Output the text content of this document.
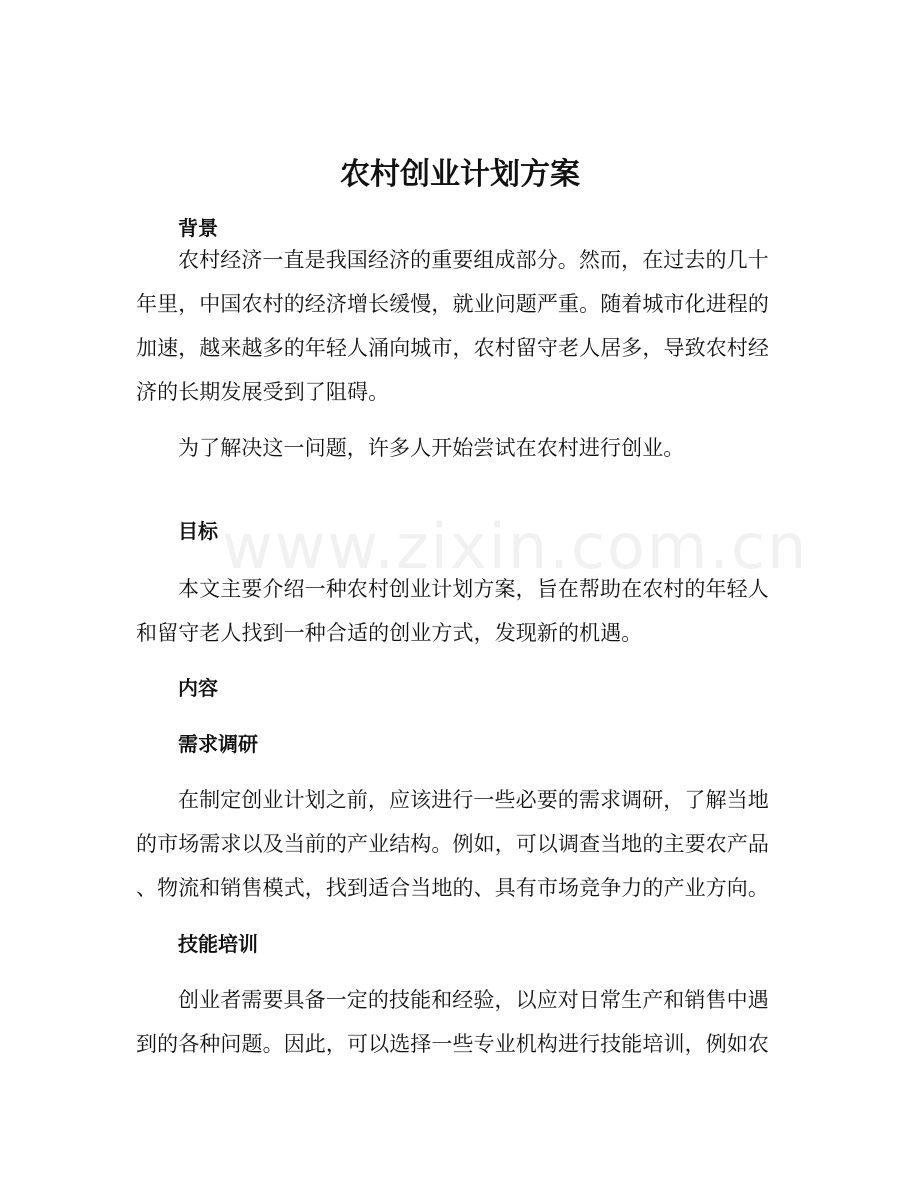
www.zixin.com.cn
农村创业计划方案
背景
农村经济一直是我国经济的重要组成部分。然而，在过去的几十
年里，中国农村的经济增长缓慢，就业问题严重。随着城市化进程的
加速，越来越多的年轻人涌向城市，农村留守老人居多，导致农村经
济的长期发展受到了阻碍。
为了解决这一问题，许多人开始尝试在农村进行创业。
目标
本文主要介绍一种农村创业计划方案，旨在帮助在农村的年轻人
和留守老人找到一种合适的创业方式，发现新的机遇。
内容
需求调研
在制定创业计划之前，应该进行一些必要的需求调研，了解当地
的市场需求以及当前的产业结构。例如，可以调查当地的主要农产品
、物流和销售模式，找到适合当地的、具有市场竞争力的产业方向。
技能培训
创业者需要具备一定的技能和经验，以应对日常生产和销售中遇
到的各种问题。因此，可以选择一些专业机构进行技能培训，例如农
